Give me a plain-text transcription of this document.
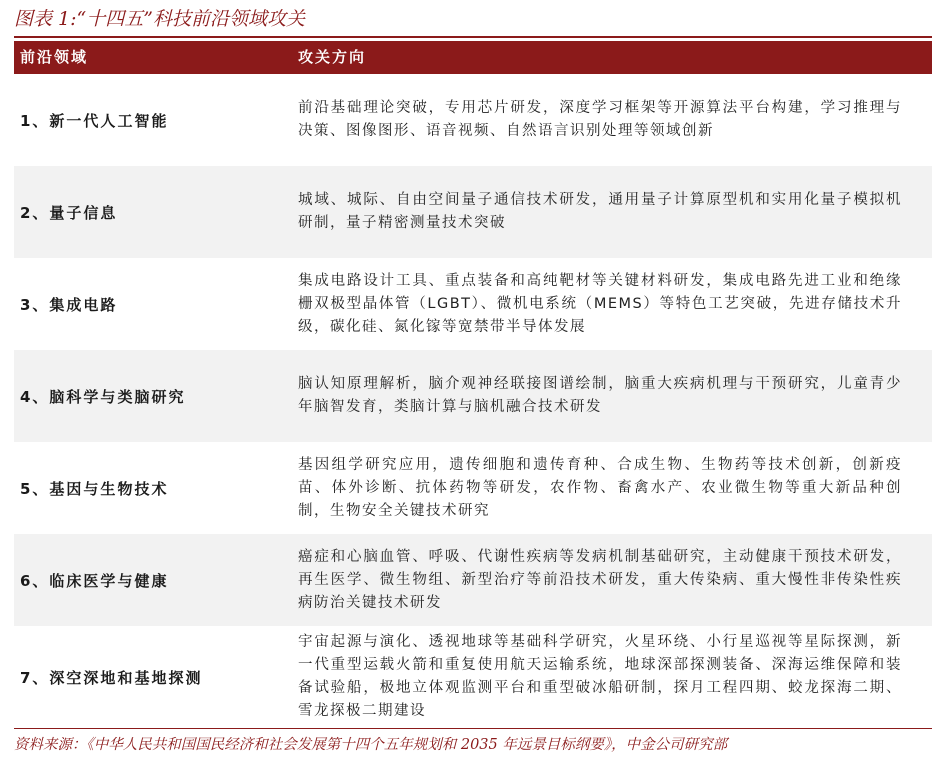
图表 1:“十四五”科技前沿领域攻关
前沿领域	攻关方向
1、新一代人工智能
前沿基础理论突破，专用芯片研发，深度学习框架等开源算法平台构建，学习推理与决策、图像图形、语音视频、自然语言识别处理等领域创新
2、量子信息
城域、城际、自由空间量子通信技术研发，通用量子计算原型机和实用化量子模拟机研制，量子精密测量技术突破
3、集成电路
集成电路设计工具、重点装备和高纯靶材等关键材料研发，集成电路先进工业和绝缘栅双极型晶体管（LGBT）、微机电系统（MEMS）等特色工艺突破，先进存储技术升级，碳化硅、氮化镓等宽禁带半导体发展
4、脑科学与类脑研究
脑认知原理解析，脑介观神经联接图谱绘制，脑重大疾病机理与干预研究，儿童青少年脑智发育，类脑计算与脑机融合技术研发
5、基因与生物技术
基因组学研究应用，遗传细胞和遗传育种、合成生物、生物药等技术创新，创新疫苗、体外诊断、抗体药物等研发，农作物、畜禽水产、农业微生物等重大新品种创制，生物安全关键技术研究
6、临床医学与健康
癌症和心脑血管、呼吸、代谢性疾病等发病机制基础研究，主动健康干预技术研发，再生医学、微生物组、新型治疗等前沿技术研发，重大传染病、重大慢性非传染性疾病防治关键技术研发
7、深空深地和基地探测
宇宙起源与演化、透视地球等基础科学研究，火星环绕、小行星巡视等星际探测，新一代重型运载火箭和重复使用航天运输系统，地球深部探测装备、深海运维保障和装备试验船，极地立体观监测平台和重型破冰船研制，探月工程四期、蛟龙探海二期、雪龙探极二期建设
资料来源：《中华人民共和国国民经济和社会发展第十四个五年规划和 2035 年远景目标纲要》，中金公司研究部
